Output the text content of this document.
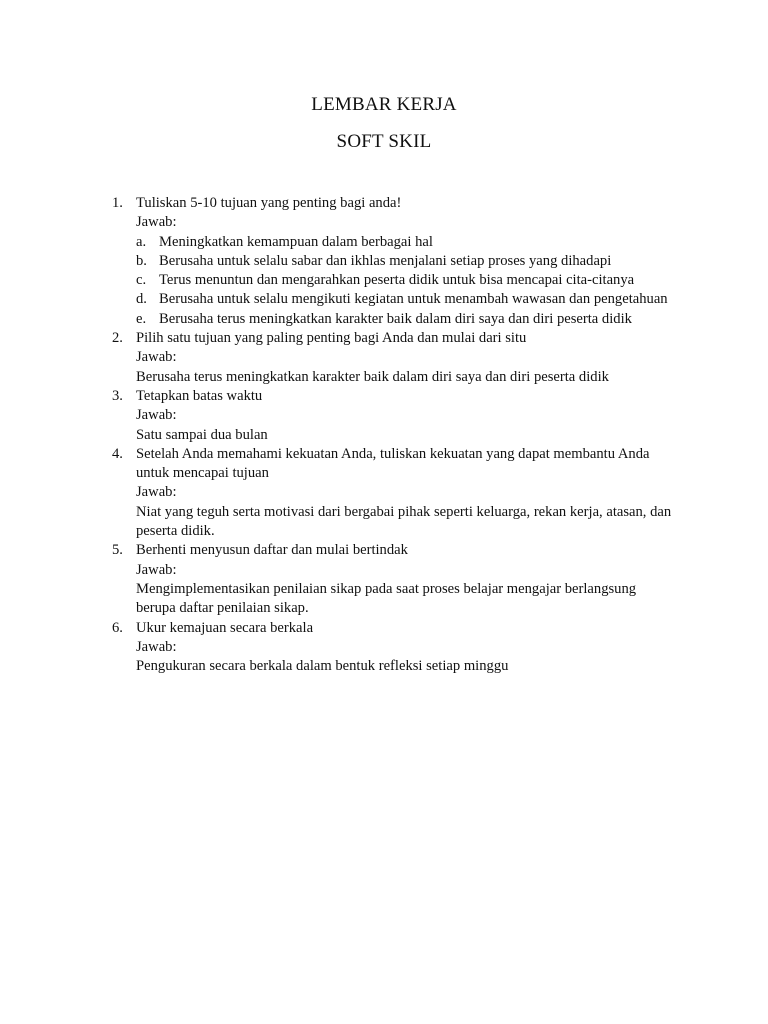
LEMBAR KERJA
SOFT SKIL
1. Tuliskan 5-10 tujuan yang penting bagi anda!
Jawab:
a. Meningkatkan kemampuan dalam berbagai hal
b. Berusaha untuk selalu sabar dan ikhlas menjalani setiap proses yang dihadapi
c. Terus menuntun dan mengarahkan peserta didik untuk bisa mencapai cita-citanya
d. Berusaha untuk selalu mengikuti kegiatan untuk menambah wawasan dan pengetahuan
e. Berusaha terus meningkatkan karakter baik dalam diri saya dan diri peserta didik
2. Pilih satu tujuan yang paling penting bagi Anda dan mulai dari situ
Jawab:
Berusaha terus meningkatkan karakter baik dalam diri saya dan diri peserta didik
3. Tetapkan batas waktu
Jawab:
Satu sampai dua bulan
4. Setelah Anda memahami kekuatan Anda, tuliskan kekuatan yang dapat membantu Anda untuk mencapai tujuan
Jawab:
Niat yang teguh serta motivasi dari bergabai pihak seperti keluarga, rekan kerja, atasan, dan peserta didik.
5. Berhenti menyusun daftar dan mulai bertindak
Jawab:
Mengimplementasikan penilaian sikap pada saat proses belajar mengajar berlangsung berupa daftar penilaian sikap.
6. Ukur kemajuan secara berkala
Jawab:
Pengukuran secara berkala dalam bentuk refleksi setiap minggu
